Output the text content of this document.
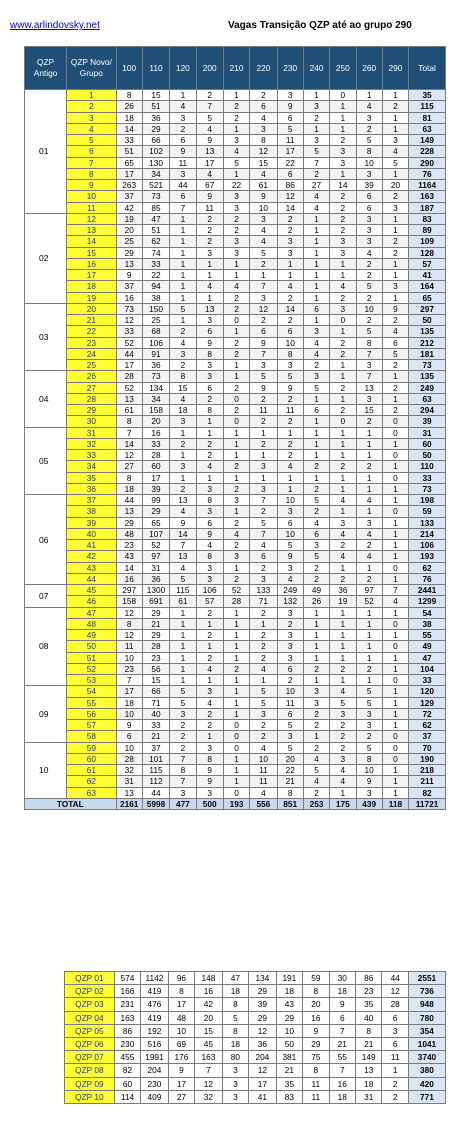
www.arlindovsky.net	Vagas Transição QZP até ao grupo 290
QZP Antigo	QZP Novo/ Grupo	100	110	120	200	210	220	230	240	250	260	290	Total
01	1	8	15	1	2	1	2	3	1	0	1	1	35
	2	26	51	4	7	2	6	9	3	1	4	2	115
	3	18	36	3	5	2	4	6	2	1	3	1	81
	4	14	29	2	4	1	3	5	1	1	2	1	63
	5	33	66	6	9	3	8	11	3	2	5	3	149
	6	51	102	9	13	4	12	17	5	3	8	4	228
	7	65	130	11	17	5	15	22	7	3	10	5	290
	8	17	34	3	4	1	4	6	2	1	3	1	76
	9	263	521	44	67	22	61	86	27	14	39	20	1164
	10	37	73	6	9	3	9	12	4	2	6	2	163
	11	42	85	7	11	3	10	14	4	2	6	3	187
02	12	19	47	1	2	2	3	2	1	2	3	1	83
	13	20	51	1	2	2	4	2	1	2	3	1	89
	14	25	62	1	2	3	4	3	1	3	3	2	109
	15	29	74	1	3	3	5	3	1	3	4	2	128
	16	13	33	1	1	1	2	1	1	1	2	1	57
	17	9	22	1	1	1	1	1	1	1	2	1	41
	18	37	94	1	4	4	7	4	1	4	5	3	164
	19	16	38	1	1	2	3	2	1	2	2	1	65
03	20	73	150	5	13	2	12	14	6	3	10	9	297
	21	12	25	1	3	0	2	2	1	0	2	2	50
	22	33	68	2	6	1	6	6	3	1	5	4	135
	23	52	106	4	9	2	9	10	4	2	8	6	212
	24	44	91	3	8	2	7	8	4	2	7	5	181
	25	17	36	2	3	1	3	3	2	1	3	2	73
04	26	28	73	8	3	1	5	5	3	1	7	1	135
	27	52	134	15	6	2	9	9	5	2	13	2	249
	28	13	34	4	2	0	2	2	1	1	3	1	63
	29	61	158	18	8	2	11	11	6	2	15	2	294
	30	8	20	3	1	0	2	2	1	0	2	0	39
05	31	7	16	1	1	1	1	1	1	1	1	0	31
	32	14	33	2	2	1	2	2	1	1	1	1	60
	33	12	28	1	2	1	1	2	1	1	1	0	50
	34	27	60	3	4	2	3	4	2	2	2	1	110
	35	8	17	1	1	1	1	1	1	1	1	0	33
	36	18	39	2	3	2	3	1	2	1	1	1	73
06	37	44	99	13	8	3	7	10	5	4	4	1	198
	38	13	29	4	3	1	2	3	2	1	1	0	59
	39	29	65	9	6	2	5	6	4	3	3	1	133
	40	48	107	14	9	4	7	10	6	4	4	1	214
	41	23	52	7	4	2	4	5	3	2	2	1	106
	42	43	97	13	8	3	6	9	5	4	4	1	193
	43	14	31	4	3	1	2	3	2	1	1	0	62
	44	16	36	5	3	2	3	4	2	2	2	1	76
07	45	297	1300	115	106	52	133	249	49	36	97	7	2441
	46	158	691	61	57	28	71	132	26	19	52	4	1299
08	47	12	29	1	2	1	2	3	1	1	1	1	54
	48	8	21	1	1	1	1	2	1	1	1	0	38
	49	12	29	1	2	1	2	3	1	1	1	1	55
	50	11	28	1	1	1	2	3	1	1	1	0	49
	51	10	23	1	2	1	2	3	1	1	1	1	47
	52	23	56	1	4	2	4	6	2	2	2	1	104
	53	7	15	1	1	1	1	2	1	1	1	0	33
09	54	17	66	5	3	1	5	10	3	4	5	1	120
	55	18	71	5	4	1	5	11	3	5	5	1	129
	56	10	40	3	2	1	3	6	2	3	3	1	72
	57	9	33	2	2	0	2	5	2	2	3	1	62
	58	6	21	2	1	0	2	3	1	2	2	0	37
10	59	10	37	2	3	0	4	5	2	2	5	0	70
	60	28	101	7	8	1	10	20	4	3	8	0	190
	61	32	115	8	9	1	11	22	5	4	10	1	218
	62	31	112	7	9	1	11	21	4	4	9	1	211
	63	13	44	3	3	0	4	8	2	1	3	1	82
TOTAL		2161	5998	477	500	193	556	851	253	175	439	118	11721
QZP 01	574	1142	96	148	47	134	191	59	30	86	44	2551
QZP 02	166	419	8	16	18	29	18	8	18	23	12	736
QZP 03	231	476	17	42	8	39	43	20	9	35	28	948
QZP 04	163	419	48	20	5	29	29	16	6	40	6	780
QZP 05	86	192	10	15	8	12	10	9	7	8	3	354
QZP 06	230	516	69	45	18	36	50	29	21	21	6	1041
QZP 07	455	1991	176	163	80	204	381	75	55	149	11	3740
QZP 08	82	204	9	7	3	12	21	8	7	13	1	380
QZP 09	60	230	17	12	3	17	35	11	16	18	2	420
QZP 10	114	409	27	32	3	41	83	11	18	31	2	771
